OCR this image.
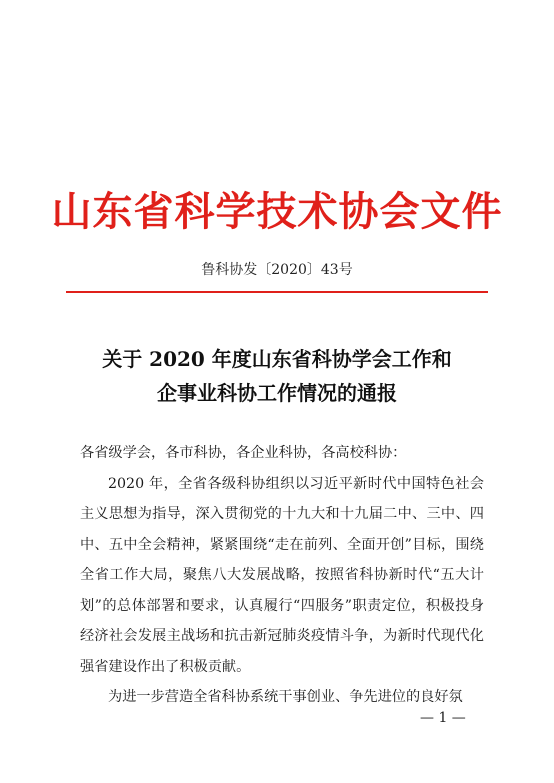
山东省科学技术协会文件
鲁科协发〔2020〕43号
关于 2020 年度山东省科协学会工作和
企事业科协工作情况的通报

各省级学会，各市科协，各企业科协，各高校科协：

2020 年，全省各级科协组织以习近平新时代中国特色社会主义思想为指导，深入贯彻党的十九大和十九届二中、三中、四中、五中全会精神，紧紧围绕“走在前列、全面开创”目标，围绕全省工作大局，聚焦八大发展战略，按照省科协新时代“五大计划”的总体部署和要求，认真履行“四服务”职责定位，积极投身经济社会发展主战场和抗击新冠肺炎疫情斗争，为新时代现代化强省建设作出了积极贡献。

为进一步营造全省科协系统干事创业、争先进位的良好氛

— 1 —
